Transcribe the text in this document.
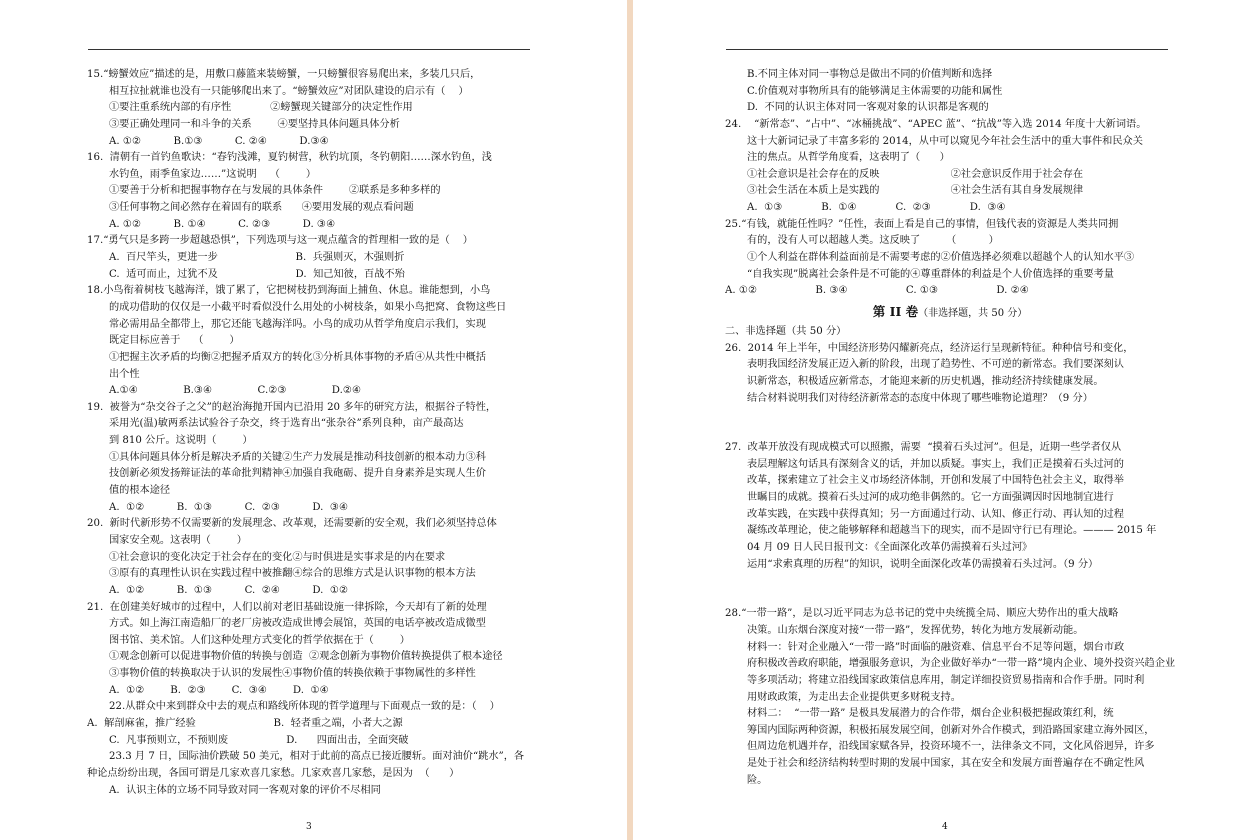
15.“螃蟹效应”描述的是，用敷口藤篮来装螃蟹，一只螃蟹很容易爬出来，多装几只后，
相互拉扯就谁也没有一只能够爬出来了。“螃蟹效应”对团队建设的启示有（    ）
①要注重系统内部的有序性            ②螃蟹现关键部分的决定性作用
③要正确处理同一和斗争的关系        ④要坚持具体问题具体分析
A. ①②          B.①③          C. ②④          D.③④
16.  清朝有一首钓鱼歌诀：“春钓浅滩，夏钓树营，秋钓坑顶，冬钓朝阳……深水钓鱼，浅
水钓鱼，雨季鱼家边……”这说明    （        ）
①要善于分析和把握事物存在与发展的具体条件        ②联系是多种多样的
③任何事物之间必然存在着固有的联系      ④要用发展的观点看问题
A. ①②          B. ①④          C. ②③          D. ③④
17.“勇气只是多跨一步超越恐惧”，下列选项与这一观点蕴含的哲理相一致的是（    ）
A.  百尺竿头，更进一步                        B.  兵强则灭，木强则折
C.  适可而止，过犹不及                        D.  知己知彼，百战不殆
18.小鸟衔着树枝飞越海洋，饿了累了，它把树枝扔到海面上捕鱼、休息。谁能想到，小鸟
的成功借助的仅仅是一小截平时看似没什么用处的小树枝条，如果小鸟把窝、食物这些日
常必需用品全都带上，那它还能飞越海洋吗。小鸟的成功从哲学角度启示我们，实现
既定目标应善于    （        ）
①把握主次矛盾的均衡②把握矛盾双方的转化③分析具体事物的矛盾④从共性中概括
出个性
A.①④              B.③④              C.②③              D.②④
19.  被誉为“杂交谷子之父”的赵治海抛开国内已沿用 20 多年的研究方法，根据谷子特性，
采用光(温)敏两系法试验谷子杂交，终于选育出“张杂谷”系列良种，亩产最高达
到 810 公斤。这说明（        ）
①具体问题具体分析是解决矛盾的关键②生产力发展是推动科技创新的根本动力③科
技创新必须发扬辩证法的革命批判精神④加强自我砲砺、提升自身素养是实现人生价
值的根本途径
A.  ①②          B.  ①③          C.  ②③          D.  ③④
20.  新时代新形势不仅需要新的发展理念、改革观，还需要新的安全观，我们必须坚持总体
国家安全观。这表明（        ）
①社会意识的变化决定于社会存在的变化②与时俱进是实事求是的内在要求
③原有的真理性认识在实践过程中被推翻④综合的思维方式是认识事物的根本方法
A.  ①②          B.  ①③          C.  ②④          D.  ①②
21.  在创建美好城市的过程中，人们以前对老旧基础设施一律拆除，今天却有了新的处理
方式。如上海江南造船厂的老厂房被改造成世博会展馆，英国的电话亭被改造成微型
图书馆、美术馆。人们这种处理方式变化的哲学依据在于（        ）
①观念创新可以促进事物价值的转换与创造  ②观念创新为事物价值转换提供了根本途径
③事物价值的转换取决于认识的发展性④事物价值的转换依赖于事物属性的多样性
A.  ①②        B.  ②③        C.  ③④        D.  ①④
22.从群众中来到群众中去的观点和路线所体现的哲学道理与下面观点一致的是：（    ）
A.  解剖麻雀，推广经验                        B.  轻者重之端，小者大之源
C.  凡事预则立，不预则废                  D.      四面出击，全面突破
23.3 月 7 日，国际油价跌破 50 美元，相对于此前的高点已接近腰斩。面对油价“跳水”，各
种论点纷纷出现，各国可谓是几家欢喜几家愁。几家欢喜几家愁，是因为  （      ）
A.  认识主体的立场不同导致对同一客观对象的评价不尽相同
3
B.不同主体对同一事物总是做出不同的价值判断和选择
C.价值观对事物所具有的能够满足主体需要的功能和属性
D.  不同的认识主体对同一客观对象的认识都是客观的
24.    “新常态”、“占中”、“冰桶挑战”、“APEC 蓝”、“抗战”等入选 2014 年度十大新词语。
这十大新词记录了丰富多彩的 2014，从中可以窥见今年社会生活中的重大事件和民众关
注的焦点。从哲学角度看，这表明了（      ）
①社会意识是社会存在的反映                      ②社会意识反作用于社会存在
③社会生活在本质上是实践的                      ④社会生活有其自身发展规律
A.  ①③            B.  ①④            C.  ②③            D.  ③④
25.“有钱，就能任性吗？”任性，表面上看是自己的事情，但钱代表的资源是人类共同拥
有的，没有人可以超越人类。这反映了        （          ）
①个人利益在群体利益面前是不需要考虑的②价值选择必须难以超越个人的认知水平③
“自我实现”脱离社会条件是不可能的④尊重群体的利益是个人价值选择的重要考量
A. ①②                  B. ③④                  C. ①③                  D. ②④
第 II 卷（非选择题，共 50 分）
二、非选择题（共 50 分）
26.  2014 年上半年，中国经济形势闪耀新亮点，经济运行呈现新特征。种种信号和变化，
表明我国经济发展正迈入新的阶段，出现了趋势性、不可逆的新常态。我们要深刻认
识新常态，积极适应新常态，才能迎来新的历史机遇，推动经济持续健康发展。
结合材料说明我们对待经济新常态的态度中体现了哪些唯物论道理？（9 分）
27.  改革开放没有现成模式可以照搬，需要  “摸着石头过河”。但是，近期一些学者仅从
表层理解这句话具有深刻含义的话，并加以质疑。事实上，我们正是摸着石头过河的
改革，探索建立了社会主义市场经济体制，开创和发展了中国特色社会主义，取得举
世瞩目的成就。摸着石头过河的成功绝非偶然的。它一方面强调因时因地制宜进行
改革实践，在实践中获得真知；另一方面通过行动、认知、修正行动、再认知的过程
凝练改革理论，使之能够解释和超越当下的现实，而不是固守行已有理论。——— 2015 年
04 月 09 日人民日报刊文：《全面深化改革仍需摸着石头过河》
运用“求索真理的历程”的知识，说明全面深化改革仍需摸着石头过河。（9 分）
28.“一带一路”，是以习近平同志为总书记的党中央统揽全局、顺应大势作出的重大战略
决策。山东烟台深度对接“一带一路”，发挥优势，转化为地方发展新动能。
材料一：针对企业融入“一带一路”时面临的融资难、信息平台不足等问题，烟台市政
府积极改善政府职能，增强服务意识，为企业做好举办“一带一路”境内企业、境外投资兴趋企业
等多项活动；将建立沿线国家政策信息库用，制定详细投资贸易指南和合作手册。同时利
用财政政策，为走出去企业提供更多财税支持。
材料二：  “一带一路” 是极具发展潜力的合作带，烟台企业积极把握政策红利，统
筹国内国际两种资源，积极拓展发展空间，创新对外合作模式，到沿路国家建立海外园区，
但周边危机遇并存，沿线国家赋各异，投资环境不一，法律条文不同，文化风俗迥异，许多
是处于社会和经济结构转型时期的发展中国家，其在安全和发展方面普遍存在不确定性风
险。
4
